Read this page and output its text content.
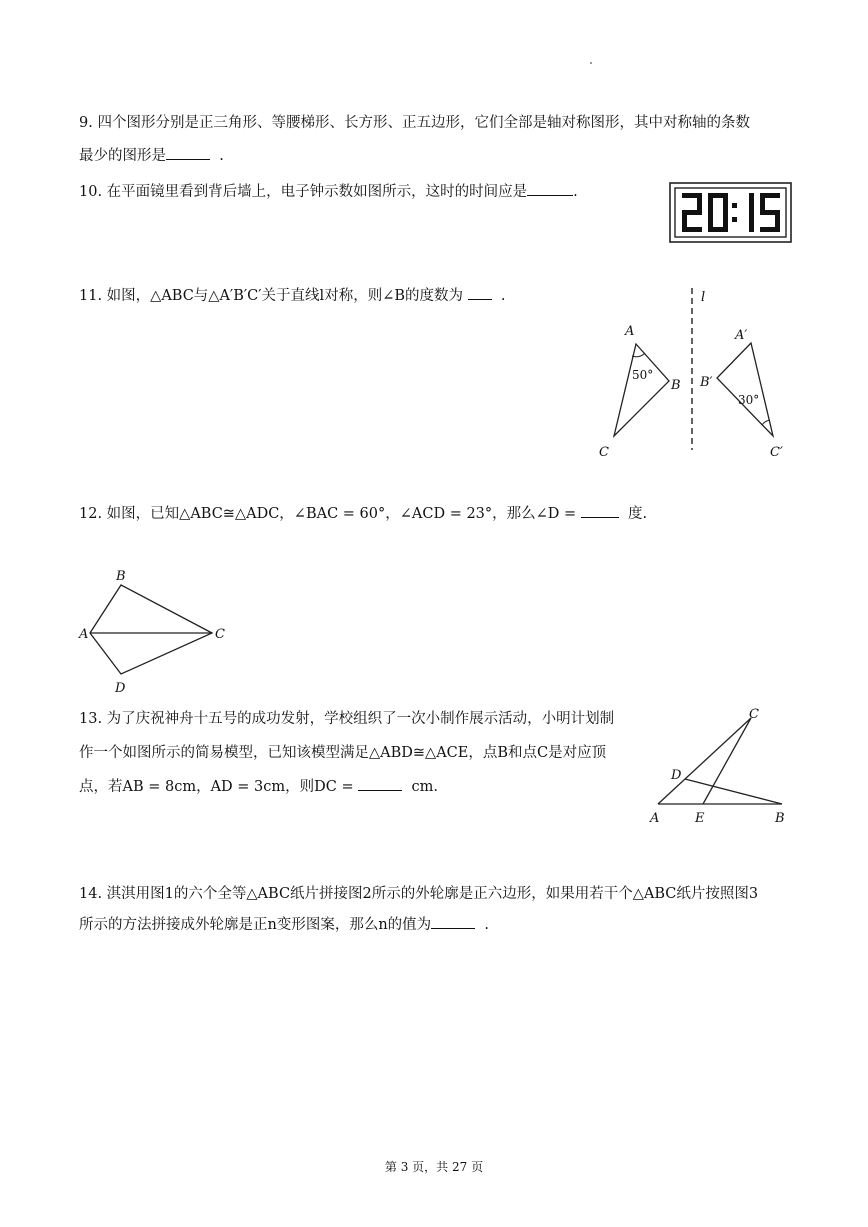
9. 四个图形分别是正三角形、等腰梯形、长方形、正五边形，它们全部是轴对称图形，其中对称轴的条数
最少的图形是	.
10. 在平面镜里看到背后墙上，电子钟示数如图所示，这时的时间应是	.
11. 如图，△ABC与△A′B′C′关于直线l对称，则∠B的度数为	.	l
A
B
C
50°
A′
B′
C′
30°
12. 如图，已知△ABC≅△ADC，∠BAC = 60°，∠ACD = 23°，那么∠D =	度.
B
A	C
D
13. 为了庆祝神舟十五号的成功发射，学校组织了一次小制作展示活动，小明计划制
作一个如图所示的简易模型，已知该模型满足△ABD≅△ACE，点B和点C是对应顶
点，若AB = 8cm，AD = 3cm，则DC =	cm.
C
D
A	E	B
14. 淇淇用图1的六个全等△ABC纸片拼接图2所示的外轮廓是正六边形，如果用若干个△ABC纸片按照图3
所示的方法拼接成外轮廓是正n变形图案，那么n的值为	.
第 3 页，共 27 页
